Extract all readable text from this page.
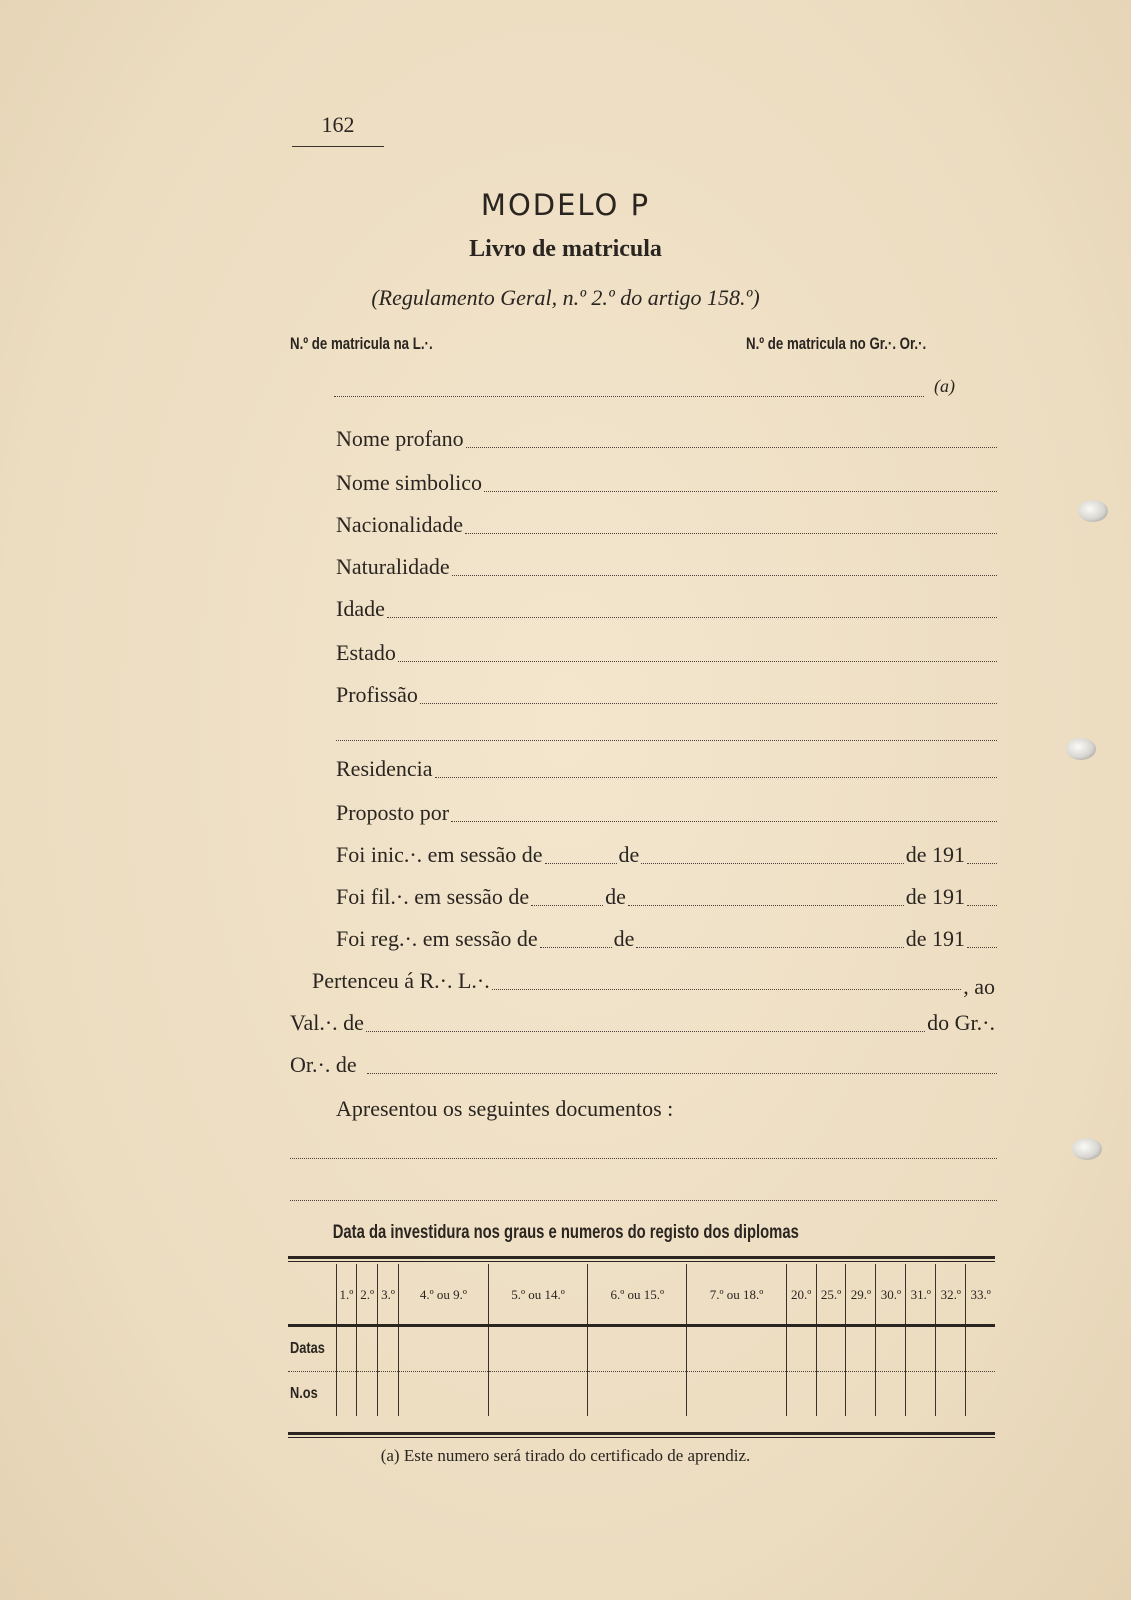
162
MODELO P
Livro de matricula
(Regulamento Geral, n.º 2.º do artigo 158.º)
N.º de matricula na L.·.	N.º de matricula no Gr.·. Or.·.
(a)
Nome profano
Nome simbolico
Nacionalidade
Naturalidade
Idade
Estado
Profissão
Residencia
Proposto por
Foi inic.·. em sessão de	de	de 191
Foi fil.·. em sessão de	de	de 191
Foi reg.·. em sessão de	de	de 191
Pertenceu á R.·. L.·.	, ao
Val.·. de	do Gr.·.
Or.·. de
Apresentou os seguintes documentos :
Data da investidura nos graus e numeros do registo dos diplomas
	1.º	2.º	3.º	4.º ou 9.º	5.º ou 14.º	6.º ou 15.º	7.º ou 18.º	20.º	25.º	29.º	30.º	31.º	32.º	33.º
Datas														
N.os														
(a) Este numero será tirado do certificado de aprendiz.
